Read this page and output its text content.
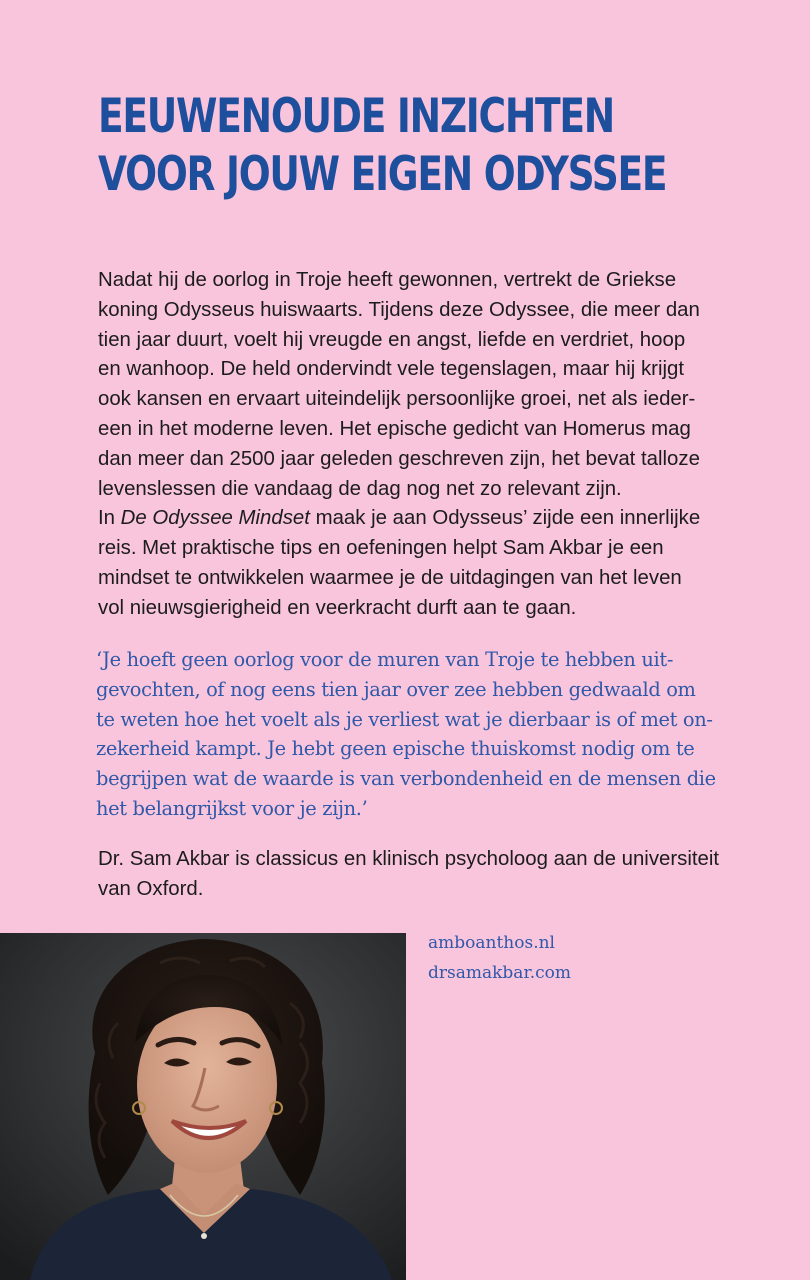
EEUWENOUDE INZICHTEN
VOOR JOUW EIGEN ODYSSEE
Nadat hij de oorlog in Troje heeft gewonnen, vertrekt de Griekse
koning Odysseus huiswaarts. Tijdens deze Odyssee, die meer dan
tien jaar duurt, voelt hij vreugde en angst, liefde en verdriet, hoop
en wanhoop. De held ondervindt vele tegenslagen, maar hij krijgt
ook kansen en ervaart uiteindelijk persoonlijke groei, net als ieder-
een in het moderne leven. Het epische gedicht van Homerus mag
dan meer dan 2500 jaar geleden geschreven zijn, het bevat talloze
levenslessen die vandaag de dag nog net zo relevant zijn.
In De Odyssee Mindset maak je aan Odysseus’ zijde een innerlijke
reis. Met praktische tips en oefeningen helpt Sam Akbar je een
mindset te ontwikkelen waarmee je de uitdagingen van het leven
vol nieuwsgierigheid en veerkracht durft aan te gaan.
‘Je hoeft geen oorlog voor de muren van Troje te hebben uit-
gevochten, of nog eens tien jaar over zee hebben gedwaald om
te weten hoe het voelt als je verliest wat je dierbaar is of met on-
zekerheid kampt. Je hebt geen epische thuiskomst nodig om te
begrijpen wat de waarde is van verbondenheid en de mensen die
het belangrijkst voor je zijn.’
Dr. Sam Akbar is classicus en klinisch psycholoog aan de universiteit
van Oxford.
amboanthos.nl
drsamakbar.com
